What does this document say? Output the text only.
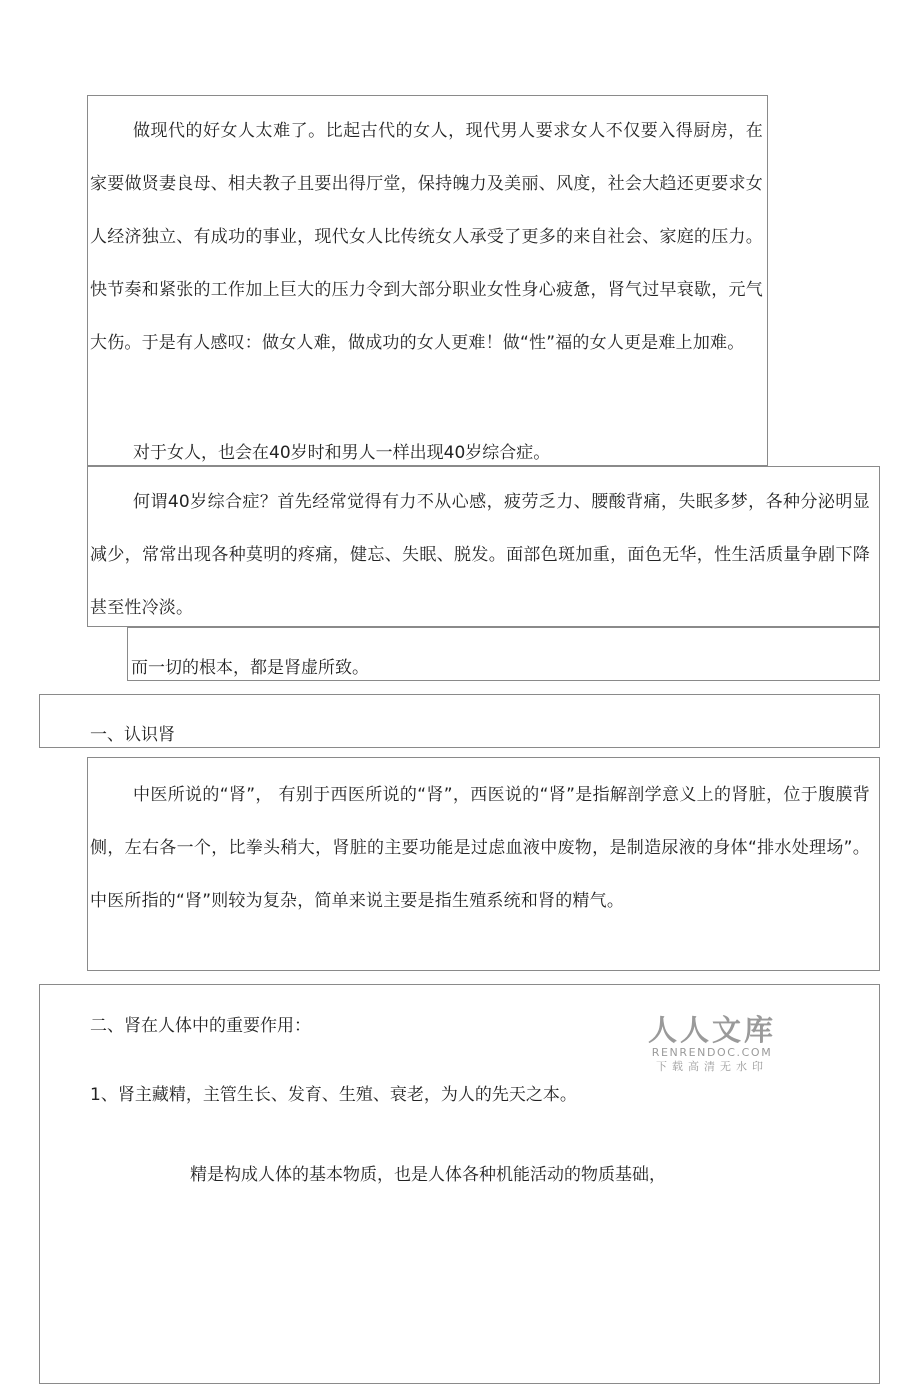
做现代的好女人太难了。比起古代的女人，现代男人要求女人不仅要入得厨房，在家要做贤妻良母、相夫教子且要出得厅堂，保持魄力及美丽、风度，社会大趋还更要求女人经济独立、有成功的事业，现代女人比传统女人承受了更多的来自社会、家庭的压力。快节奏和紧张的工作加上巨大的压力令到大部分职业女性身心疲惫，肾气过早衰歇，元气大伤。于是有人感叹：做女人难，做成功的女人更难！做“性”福的女人更是难上加难。

对于女人，也会在40岁时和男人一样出现40岁综合症。

何谓40岁综合症？首先经常觉得有力不从心感，疲劳乏力、腰酸背痛，失眠多梦，各种分泌明显减少，常常出现各种莫明的疼痛，健忘、失眠、脱发。面部色斑加重，面色无华，性生活质量争剧下降甚至性冷淡。

而一切的根本，都是肾虚所致。

一、认识肾

中医所说的“肾”， 有别于西医所说的“肾”，西医说的“肾”是指解剖学意义上的肾脏，位于腹膜背侧，左右各一个，比拳头稍大，肾脏的主要功能是过虑血液中废物，是制造尿液的身体“排水处理场”。中医所指的“肾”则较为复杂，简单来说主要是指生殖系统和肾的精气。

二、肾在人体中的重要作用：

1、肾主藏精，主管生长、发育、生殖、衰老，为人的先天之本。

精是构成人体的基本物质，也是人体各种机能活动的物质基础，

人人文库
RENRENDOC.COM
下载高清无水印
